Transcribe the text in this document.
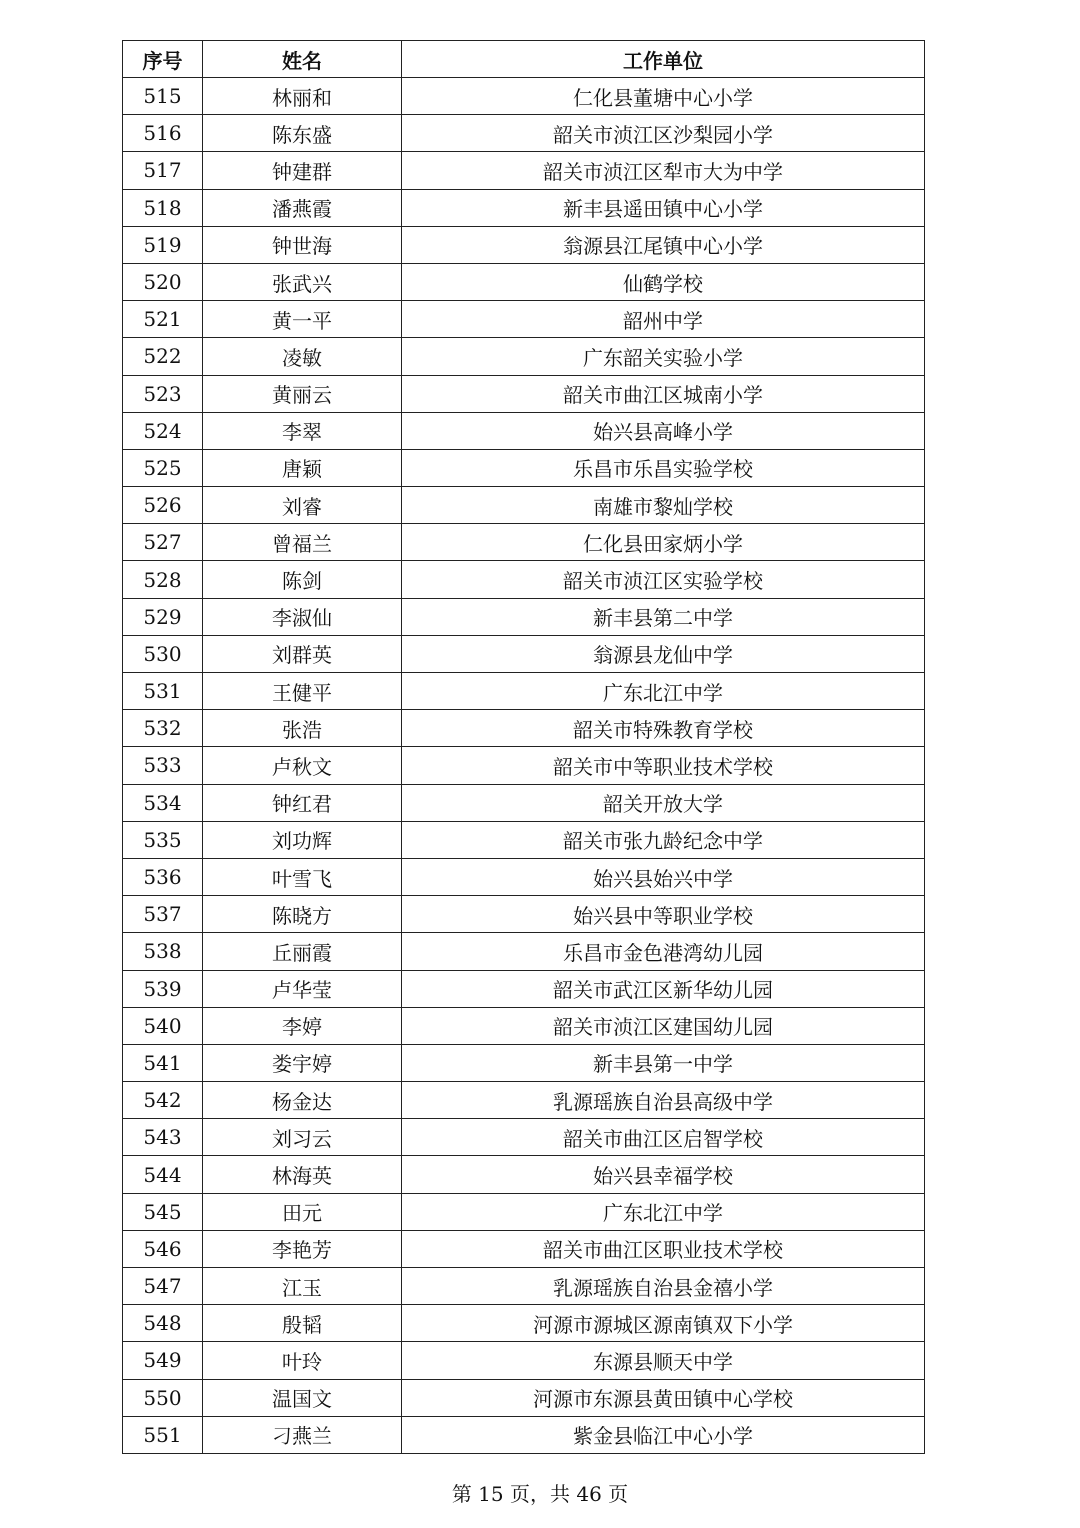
序号	姓名	工作单位
515	林丽和	仁化县董塘中心小学
516	陈东盛	韶关市浈江区沙梨园小学
517	钟建群	韶关市浈江区犁市大为中学
518	潘燕霞	新丰县遥田镇中心小学
519	钟世海	翁源县江尾镇中心小学
520	张武兴	仙鹤学校
521	黄一平	韶州中学
522	凌敏	广东韶关实验小学
523	黄丽云	韶关市曲江区城南小学
524	李翠	始兴县高峰小学
525	唐颖	乐昌市乐昌实验学校
526	刘睿	南雄市黎灿学校
527	曾福兰	仁化县田家炳小学
528	陈剑	韶关市浈江区实验学校
529	李淑仙	新丰县第二中学
530	刘群英	翁源县龙仙中学
531	王健平	广东北江中学
532	张浩	韶关市特殊教育学校
533	卢秋文	韶关市中等职业技术学校
534	钟红君	韶关开放大学
535	刘功辉	韶关市张九龄纪念中学
536	叶雪飞	始兴县始兴中学
537	陈晓方	始兴县中等职业学校
538	丘丽霞	乐昌市金色港湾幼儿园
539	卢华莹	韶关市武江区新华幼儿园
540	李婷	韶关市浈江区建国幼儿园
541	娄宇婷	新丰县第一中学
542	杨金达	乳源瑶族自治县高级中学
543	刘习云	韶关市曲江区启智学校
544	林海英	始兴县幸福学校
545	田元	广东北江中学
546	李艳芳	韶关市曲江区职业技术学校
547	江玉	乳源瑶族自治县金禧小学
548	殷韬	河源市源城区源南镇双下小学
549	叶玲	东源县顺天中学
550	温国文	河源市东源县黄田镇中心学校
551	刁燕兰	紫金县临江中心小学
第 15 页，共 46 页
